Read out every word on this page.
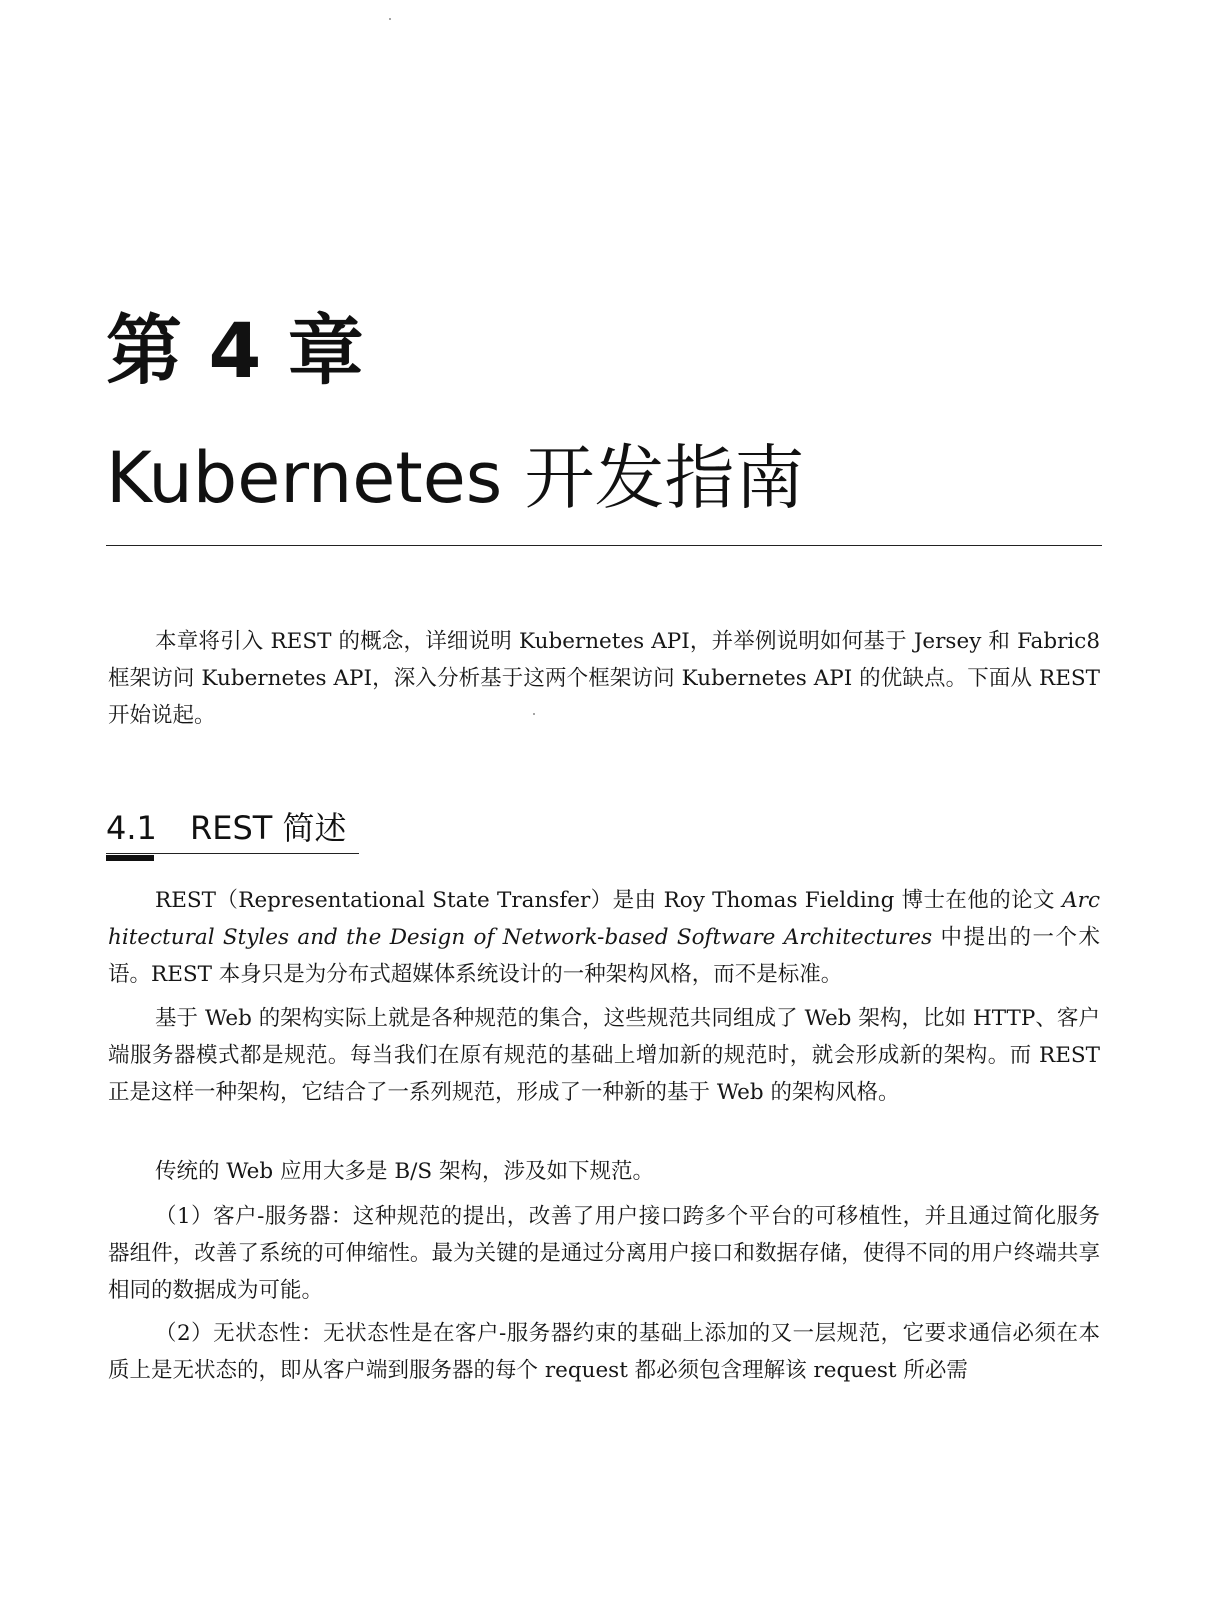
第 4 章
Kubernetes 开发指南

本章将引入 REST 的概念，详细说明 Kubernetes API，并举例说明如何基于 Jersey 和 Fabric8 框架访问 Kubernetes API，深入分析基于这两个框架访问 Kubernetes API 的优缺点。下面从 REST 开始说起。

4.1 REST 简述

REST（Representational State Transfer）是由 Roy Thomas Fielding 博士在他的论文 Architectural Styles and the Design of Network-based Software Architectures 中提出的一个术语。REST 本身只是为分布式超媒体系统设计的一种架构风格，而不是标准。

基于 Web 的架构实际上就是各种规范的集合，这些规范共同组成了 Web 架构，比如 HTTP、客户端服务器模式都是规范。每当我们在原有规范的基础上增加新的规范时，就会形成新的架构。而 REST 正是这样一种架构，它结合了一系列规范，形成了一种新的基于 Web 的架构风格。

传统的 Web 应用大多是 B/S 架构，涉及如下规范。

（1）客户-服务器：这种规范的提出，改善了用户接口跨多个平台的可移植性，并且通过简化服务器组件，改善了系统的可伸缩性。最为关键的是通过分离用户接口和数据存储，使得不同的用户终端共享相同的数据成为可能。

（2）无状态性：无状态性是在客户-服务器约束的基础上添加的又一层规范，它要求通信必须在本质上是无状态的，即从客户端到服务器的每个 request 都必须包含理解该 request 所必需
